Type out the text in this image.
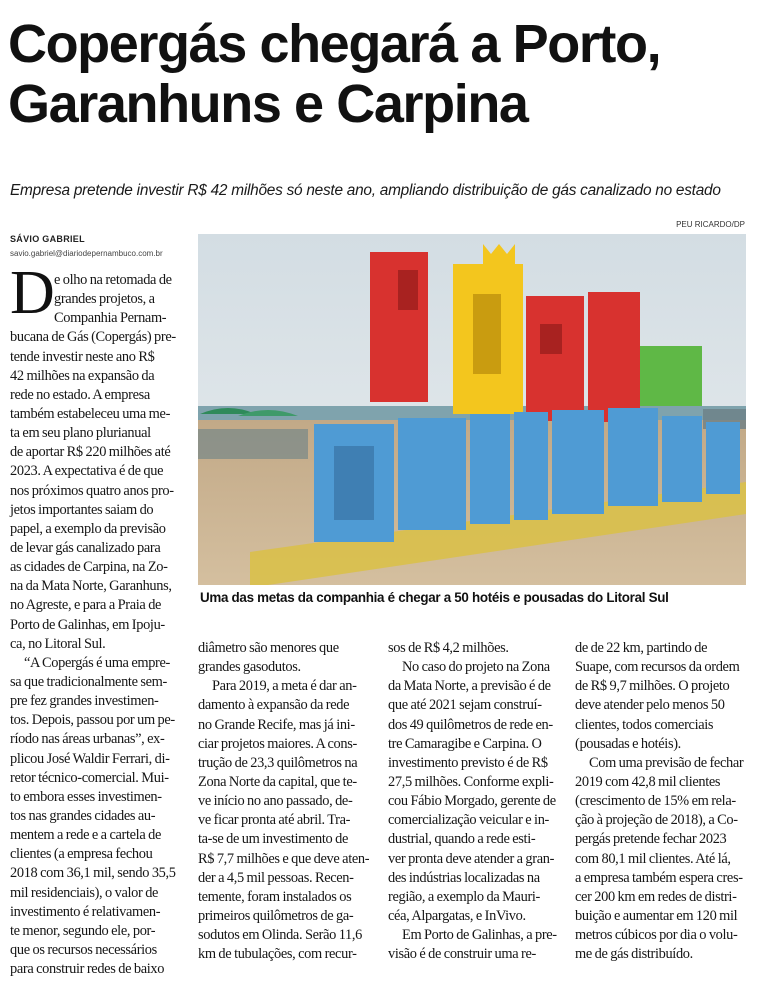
Copergás chegará a Porto,
Garanhuns e Carpina
Empresa pretende investir R$ 42 milhões só neste ano, ampliando distribuição de gás canalizado no estado
SÁVIO GABRIEL
savio.gabriel@diariodepernambuco.com.br
PEU RICARDO/DP
Uma das metas da companhia é chegar a 50 hotéis e pousadas do Litoral Sul
D e olho na retomada de
grandes projetos, a
Companhia Pernam-
bucana de Gás (Copergás) pre-
tende investir neste ano R$
42 milhões na expansão da
rede no estado. A empresa
também estabeleceu uma me-
ta em seu plano plurianual
de aportar R$ 220 milhões até
2023. A expectativa é de que
nos próximos quatro anos pro-
jetos importantes saiam do
papel, a exemplo da previsão
de levar gás canalizado para
as cidades de Carpina, na Zo-
na da Mata Norte, Garanhuns,
no Agreste, e para a Praia de
Porto de Galinhas, em Ipoju-
ca, no Litoral Sul.
“A Copergás é uma empre-
sa que tradicionalmente sem-
pre fez grandes investimen-
tos. Depois, passou por um pe-
ríodo nas áreas urbanas”, ex-
plicou José Waldir Ferrari, di-
retor técnico-comercial. Mui-
to embora esses investimen-
tos nas grandes cidades au-
mentem a rede e a cartela de
clientes (a empresa fechou
2018 com 36,1 mil, sendo 35,5
mil residenciais), o valor de
investimento é relativamen-
te menor, segundo ele, por-
que os recursos necessários
para construir redes de baixo
diâmetro são menores que
grandes gasodutos.
Para 2019, a meta é dar an-
damento à expansão da rede
no Grande Recife, mas já ini-
ciar projetos maiores. A cons-
trução de 23,3 quilômetros na
Zona Norte da capital, que te-
ve início no ano passado, de-
ve ficar pronta até abril. Tra-
ta-se de um investimento de
R$ 7,7 milhões e que deve aten-
der a 4,5 mil pessoas. Recen-
temente, foram instalados os
primeiros quilômetros de ga-
sodutos em Olinda. Serão 11,6
km de tubulações, com recur-
sos de R$ 4,2 milhões.
No caso do projeto na Zona
da Mata Norte, a previsão é de
que até 2021 sejam construí-
dos 49 quilômetros de rede en-
tre Camaragibe e Carpina. O
investimento previsto é de R$
27,5 milhões. Conforme expli-
cou Fábio Morgado, gerente de
comercialização veicular e in-
dustrial, quando a rede esti-
ver pronta deve atender a gran-
des indústrias localizadas na
região, a exemplo da Mauri-
céa, Alpargatas, e InVivo.
Em Porto de Galinhas, a pre-
visão é de construir uma re-
de de 22 km, partindo de
Suape, com recursos da ordem
de R$ 9,7 milhões. O projeto
deve atender pelo menos 50
clientes, todos comerciais
(pousadas e hotéis).
Com uma previsão de fechar
2019 com 42,8 mil clientes
(crescimento de 15% em rela-
ção à projeção de 2018), a Co-
pergás pretende fechar 2023
com 80,1 mil clientes. Até lá,
a empresa também espera cres-
cer 200 km em redes de distri-
buição e aumentar em 120 mil
metros cúbicos por dia o volu-
me de gás distribuído.
